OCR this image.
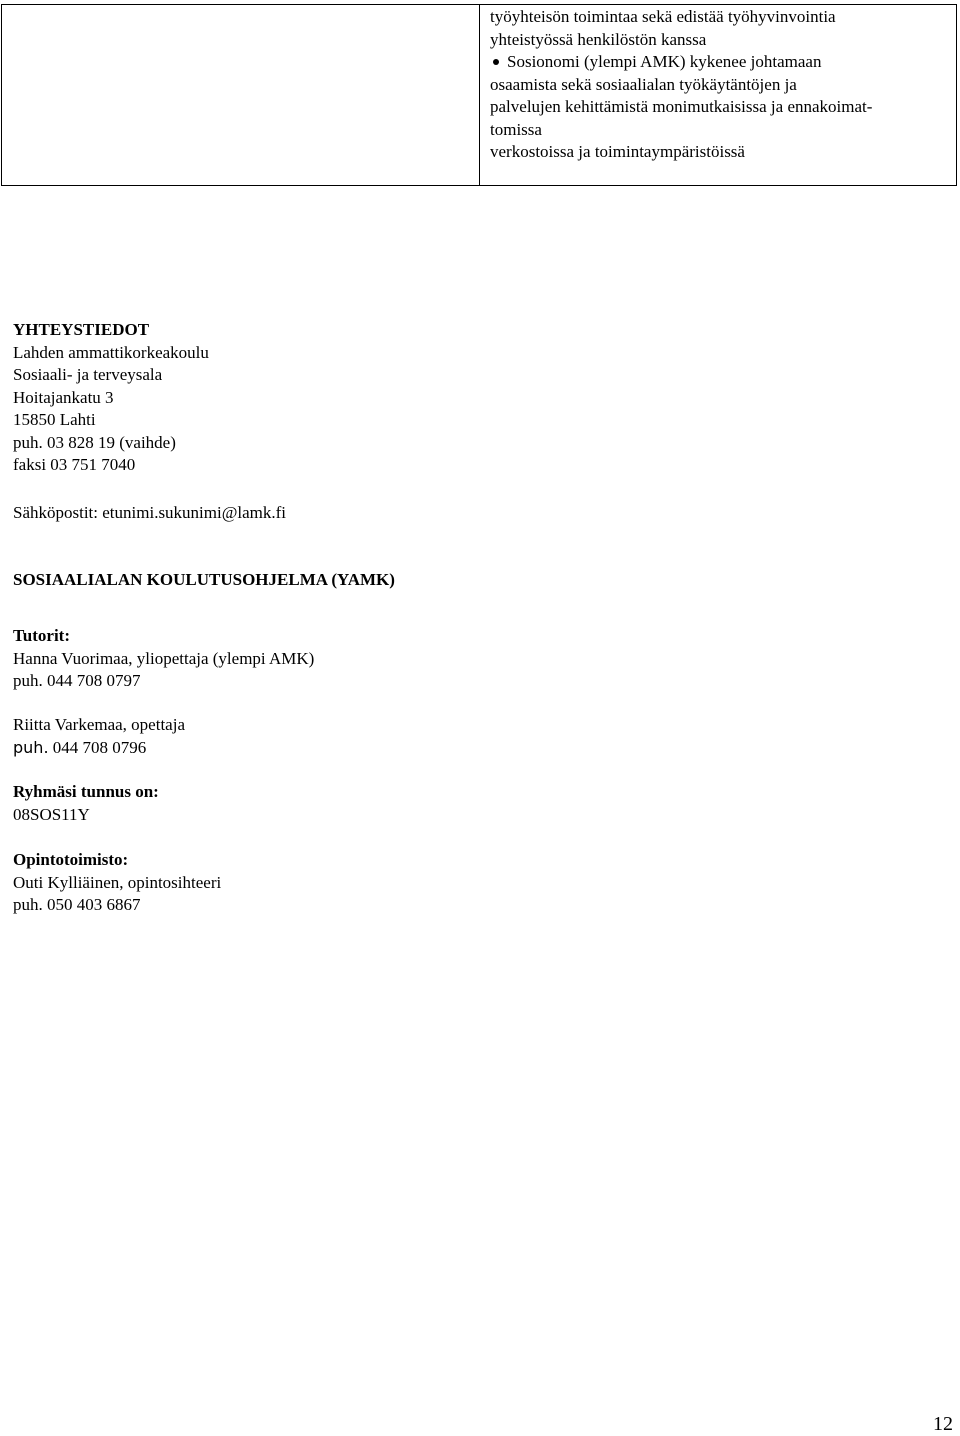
työyhteisön toimintaa sekä edistää työhyvinvointia
yhteistyössä henkilöstön kanssa
Sosionomi (ylempi AMK) kykenee johtamaan
osaamista sekä sosiaalialan työkäytäntöjen ja
palvelujen kehittämistä monimutkaisissa ja ennakoimat-
tomissa
verkostoissa ja toimintaympäristöissä
YHTEYSTIEDOT
Lahden ammattikorkeakoulu
Sosiaali- ja terveysala
Hoitajankatu 3
15850 Lahti
puh. 03 828 19 (vaihde)
faksi 03 751 7040
Sähköpostit: etunimi.sukunimi@lamk.fi
SOSIAALIALAN KOULUTUSOHJELMA (YAMK)
Tutorit:
Hanna Vuorimaa, yliopettaja (ylempi AMK)
puh. 044 708 0797
Riitta Varkemaa, opettaja
puh. 044 708 0796
Ryhmäsi tunnus on:
08SOS11Y
Opintotoimisto:
Outi Kylliäinen, opintosihteeri
puh. 050 403 6867
12
